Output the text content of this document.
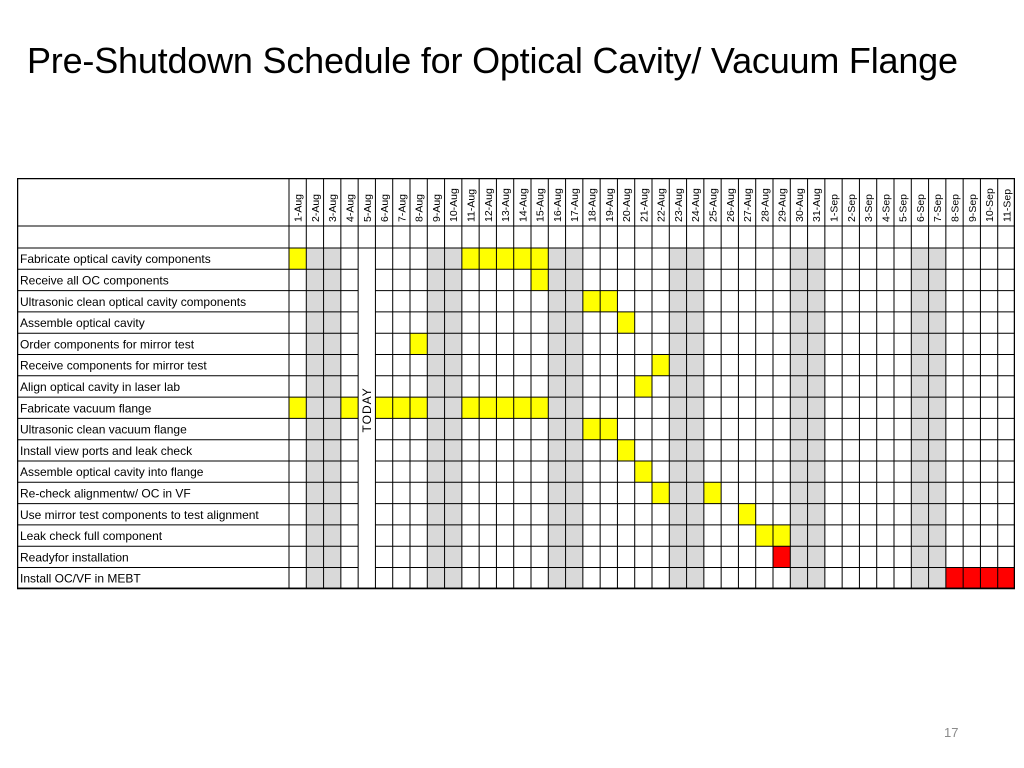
Pre-Shutdown Schedule for Optical Cavity/ Vacuum Flange
1-Aug 2-Aug 3-Aug 4-Aug 5-Aug 6-Aug 7-Aug 8-Aug 9-Aug 10-Aug 11-Aug 12-Aug 13-Aug 14-Aug 15-Aug 16-Aug 17-Aug 18-Aug 19-Aug 20-Aug 21-Aug 22-Aug 23-Aug 24-Aug 25-Aug 26-Aug 27-Aug 28-Aug 29-Aug 30-Aug 31-Aug 1-Sep 2-Sep 3-Sep 4-Sep 5-Sep 6-Sep 7-Sep 8-Sep 9-Sep 10-Sep 11-Sep
Fabricate optical cavity components
Receive all OC components
Ultrasonic clean optical cavity components
Assemble optical cavity
Order components for mirror test
Receive components for mirror test
Align optical cavity in laser lab
Fabricate vacuum flange
Ultrasonic clean vacuum flange
Install view ports and leak check
Assemble optical cavity into flange
Re-check alignmentw/ OC in VF
Use mirror test components to test alignment
Leak check full component
Readyfor installation
Install OC/VF in MEBT
TODAY
17
